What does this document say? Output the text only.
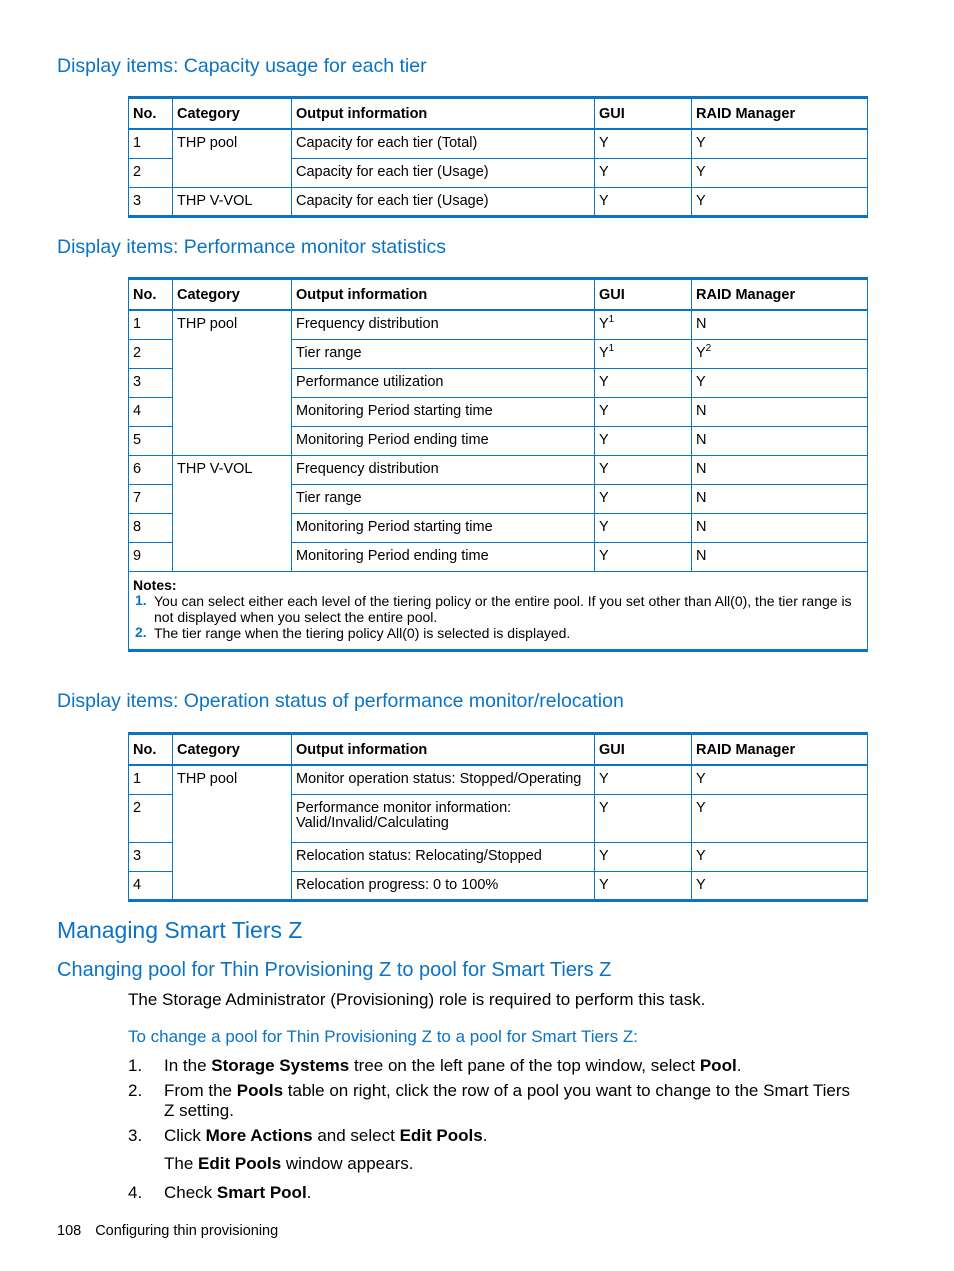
Display items: Capacity usage for each tier
No.	Category	Output information	GUI	RAID Manager
1	THP pool	Capacity for each tier (Total)	Y	Y
2		Capacity for each tier (Usage)	Y	Y
3	THP V-VOL	Capacity for each tier (Usage)	Y	Y
Display items: Performance monitor statistics
No.	Category	Output information	GUI	RAID Manager
1	THP pool	Frequency distribution	$Y^1$	N
2		Tier range	$Y^1$	$Y^2$
3		Performance utilization	Y	Y
4		Monitoring Period starting time	Y	N
5		Monitoring Period ending time	Y	N
6	THP V-VOL	Frequency distribution	Y	N
7		Tier range	Y	N
8		Monitoring Period starting time	Y	N
9		Monitoring Period ending time	Y	N

Notes:
1. You can select either each level of the tiering policy or the entire pool. If you set other than All(0), the tier range is not displayed when you select the entire pool.
2. The tier range when the tiering policy All(0) is selected is displayed.				
Display items: Operation status of performance monitor/relocation
No.	Category	Output information	GUI	RAID Manager
1	THP pool	Monitor operation status: Stopped/Operating	Y	Y
2		Performance monitor information: Valid/Invalid/Calculating	Y	Y
3		Relocation status: Relocating/Stopped	Y	Y
4		Relocation progress: 0 to 100%	Y	Y
Managing Smart Tiers Z
Changing pool for Thin Provisioning Z to pool for Smart Tiers Z
The Storage Administrator (Provisioning) role is required to perform this task.
To change a pool for Thin Provisioning Z to a pool for Smart Tiers Z:
1.	In the Storage Systems tree on the left pane of the top window, select Pool.
2.	From the Pools table on right, click the row of a pool you want to change to the Smart Tiers Z setting.
3.	Click More Actions and select Edit Pools.
The Edit Pools window appears.
4.	Check Smart Pool.
108 Configuring thin provisioning
